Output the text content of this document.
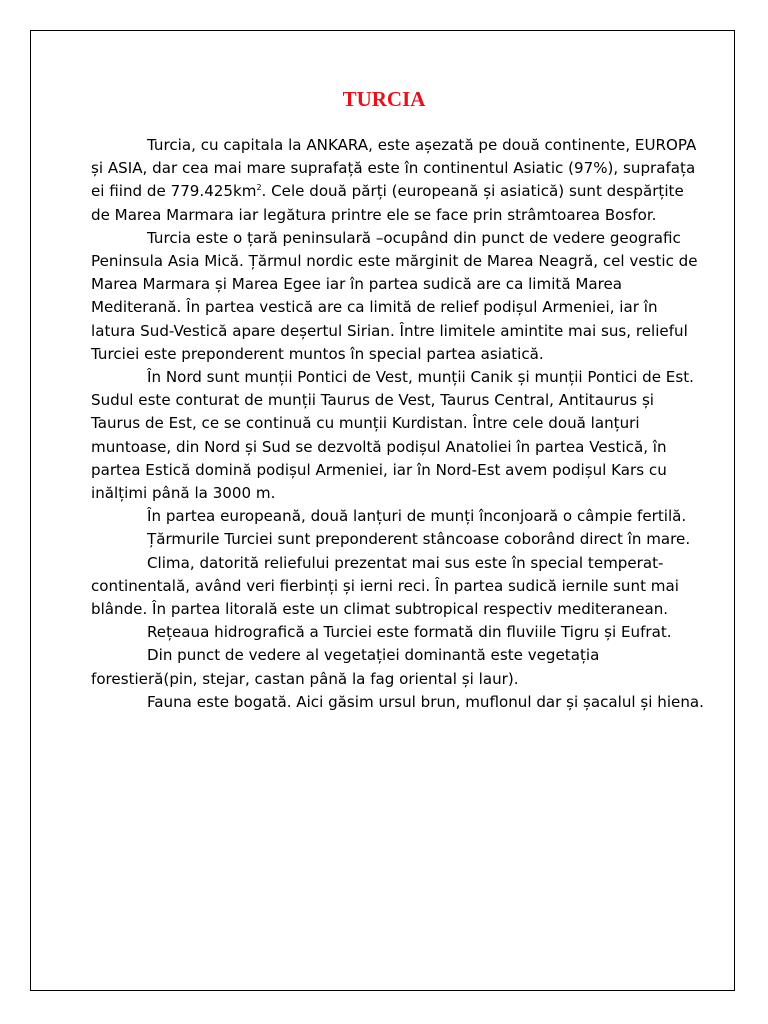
TURCIA

Turcia, cu capitala la ANKARA, este așezată pe două continente, EUROPA și ASIA, dar cea mai mare suprafață este în continentul Asiatic (97%), suprafața ei fiind de $779.425km^2$. Cele două părți (europeană și asiatică) sunt despărțite de Marea Marmara iar legătura printre ele se face prin strâmtoarea Bosfor.

Turcia este o țară peninsulară –ocupând din punct de vedere geografic Peninsula Asia Mică. Țărmul nordic este mărginit de Marea Neagră, cel vestic de Marea Marmara și Marea Egee iar în partea sudică are ca limită Marea Mediterană. În partea vestică are ca limită de relief podișul Armeniei, iar în latura Sud-Vestică apare deșertul Sirian. Între limitele amintite mai sus, relieful Turciei este preponderent muntos în special partea asiatică.

În Nord sunt munții Pontici de Vest, munții Canik și munții Pontici de Est. Sudul este conturat de munții Taurus de Vest, Taurus Central, Antitaurus și Taurus de Est, ce se continuă cu munții Kurdistan. Între cele două lanțuri muntoase, din Nord și Sud se dezvoltă podișul Anatoliei în partea Vestică, în partea Estică domină podișul Armeniei, iar în Nord-Est avem podișul Kars cu inălțimi până la 3000 m.

În partea europeană, două lanțuri de munți înconjoară o câmpie fertilă.

Țărmurile Turciei sunt preponderent stâncoase coborând direct în mare.

Clima, datorită reliefului prezentat mai sus este în special temperat-continentală, având veri fierbinți și ierni reci. În partea sudică iernile sunt mai blânde. În partea litorală este un climat subtropical respectiv mediteranean.

Rețeaua hidrografică a Turciei este formată din fluviile Tigru și Eufrat.

Din punct de vedere al vegetației dominantă este vegetația forestieră(pin, stejar, castan până la fag oriental și laur).

Fauna este bogată. Aici găsim ursul brun, muflonul dar și șacalul și hiena.
